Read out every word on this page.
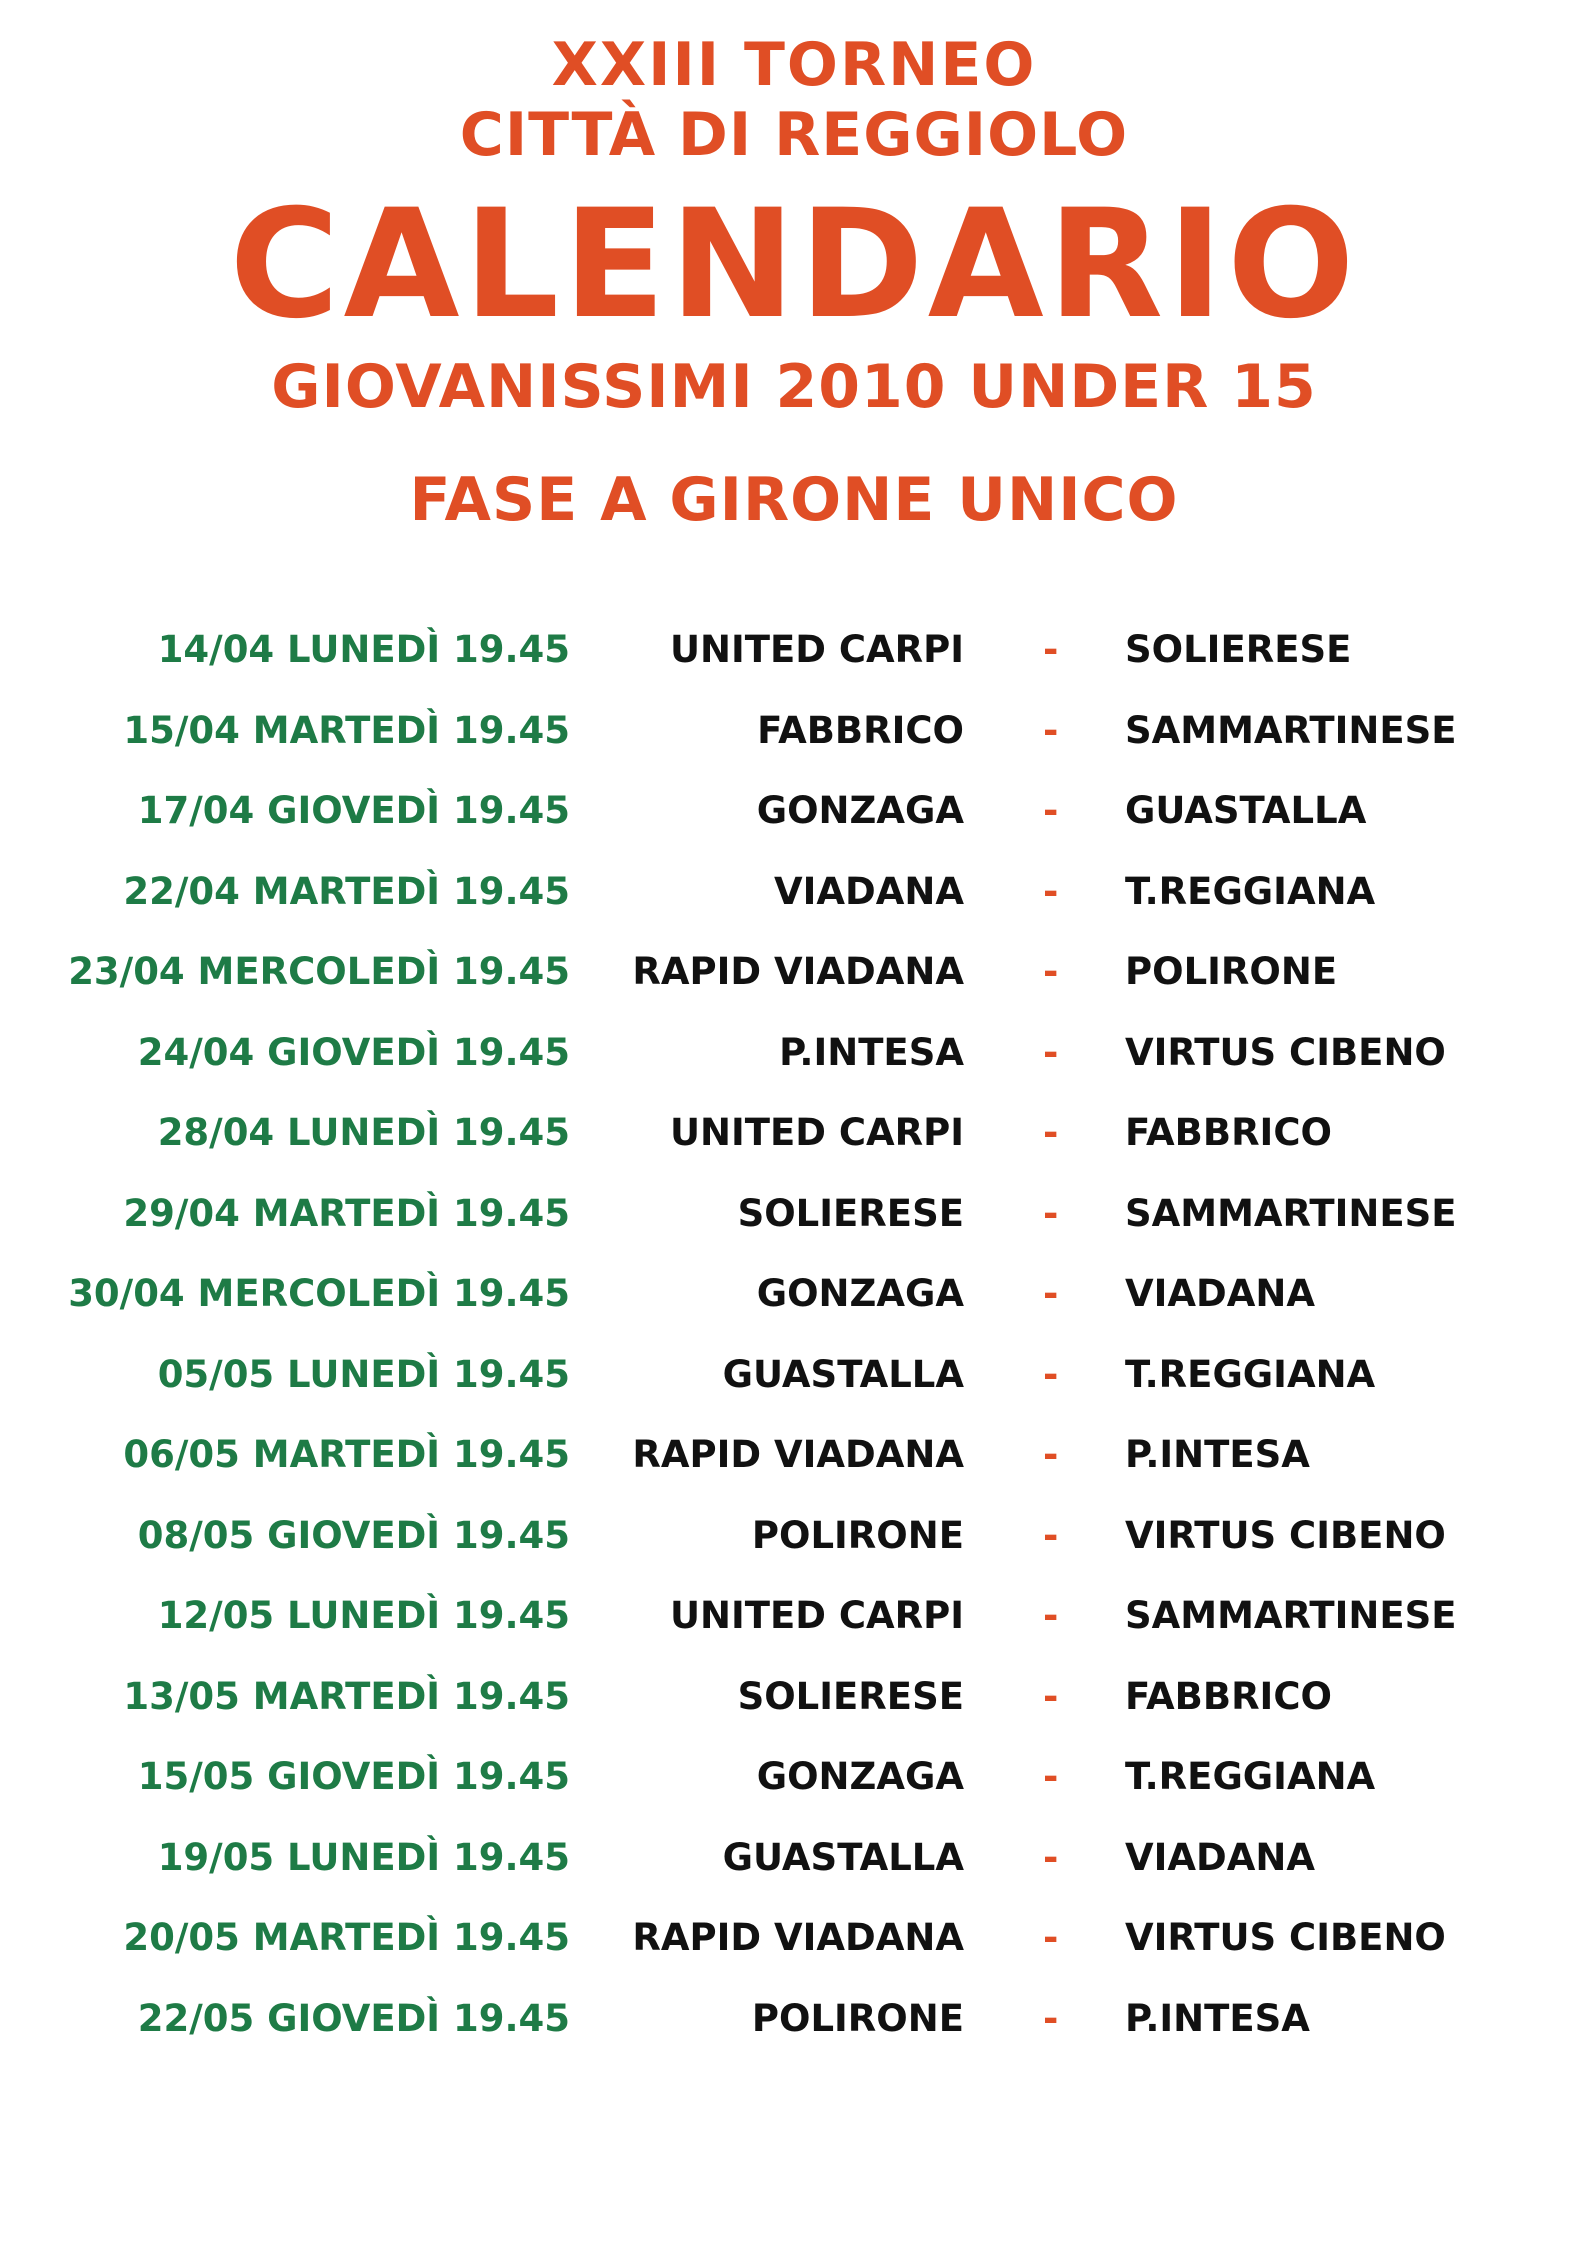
XXIII TORNEO
CITTÀ DI REGGIOLO
CALENDARIO
GIOVANISSIMI 2010 UNDER 15
FASE A GIRONE UNICO
14/04 LUNEDÌ 19.45	UNITED CARPI - SOLIERESE
15/04 MARTEDÌ 19.45	FABBRICO - SAMMARTINESE
17/04 GIOVEDÌ 19.45	GONZAGA - GUASTALLA
22/04 MARTEDÌ 19.45	VIADANA - T.REGGIANA
23/04 MERCOLEDÌ 19.45 RAPID VIADANA - POLIRONE
24/04 GIOVEDÌ 19.45	P.INTESA - VIRTUS CIBENO
28/04 LUNEDÌ 19.45	UNITED CARPI - FABBRICO
29/04 MARTEDÌ 19.45	SOLIERESE - SAMMARTINESE
30/04 MERCOLEDÌ 19.45	GONZAGA - VIADANA
05/05 LUNEDÌ 19.45	GUASTALLA - T.REGGIANA
06/05 MARTEDÌ 19.45 RAPID VIADANA - P.INTESA
08/05 GIOVEDÌ 19.45	POLIRONE - VIRTUS CIBENO
12/05 LUNEDÌ 19.45	UNITED CARPI - SAMMARTINESE
13/05 MARTEDÌ 19.45	SOLIERESE - FABBRICO
15/05 GIOVEDÌ 19.45	GONZAGA - T.REGGIANA
19/05 LUNEDÌ 19.45	GUASTALLA - VIADANA
20/05 MARTEDÌ 19.45 RAPID VIADANA - VIRTUS CIBENO
22/05 GIOVEDÌ 19.45	POLIRONE - P.INTESA
